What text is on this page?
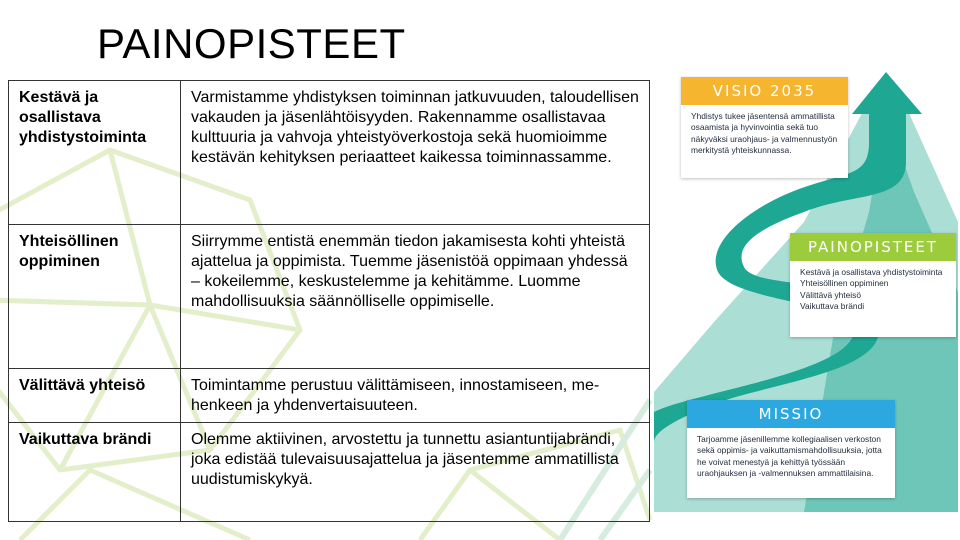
PAINOPISTEET
Kestävä ja osallistava yhdistystoiminta	Varmistamme yhdistyksen toiminnan jatkuvuuden, taloudellisen vakauden ja jäsenlähtöisyyden. Rakennamme osallistavaa kulttuuria ja vahvoja yhteistyöverkostoja sekä huomioimme kestävän kehityksen periaatteet kaikessa toiminnassamme.
Yhteisöllinen oppiminen	Siirrymme entistä enemmän tiedon jakamisesta kohti yhteistä ajattelua ja oppimista. Tuemme jäsenistöä oppimaan yhdessä – kokeilemme, keskustelemme ja kehitämme. Luomme mahdollisuuksia säännölliselle oppimiselle.
Välittävä yhteisö	Toimintamme perustuu välittämiseen, innostamiseen, me-henkeen ja yhdenvertaisuuteen.
Vaikuttava brändi	Olemme aktiivinen, arvostettu ja tunnettu asiantuntijabrändi, joka edistää tulevaisuusajattelua ja jäsentemme ammatillista uudistumiskykyä.
VISIO 2035
Yhdistys tukee jäsentensä ammatillista osaamista ja hyvinvointia sekä tuo näkyväksi uraohjaus- ja valmennustyön merkitystä yhteiskunnassa.
PAINOPISTEET
Kestävä ja osallistava yhdistystoiminta
Yhteisöllinen oppiminen
Välittävä yhteisö
Vaikuttava brändi
MISSIO
Tarjoamme jäsenillemme kollegiaalisen verkoston sekä oppimis- ja vaikuttamismahdollisuuksia, jotta he voivat menestyä ja kehittyä työssään uraohjauksen ja -valmennuksen ammattilaisina.
